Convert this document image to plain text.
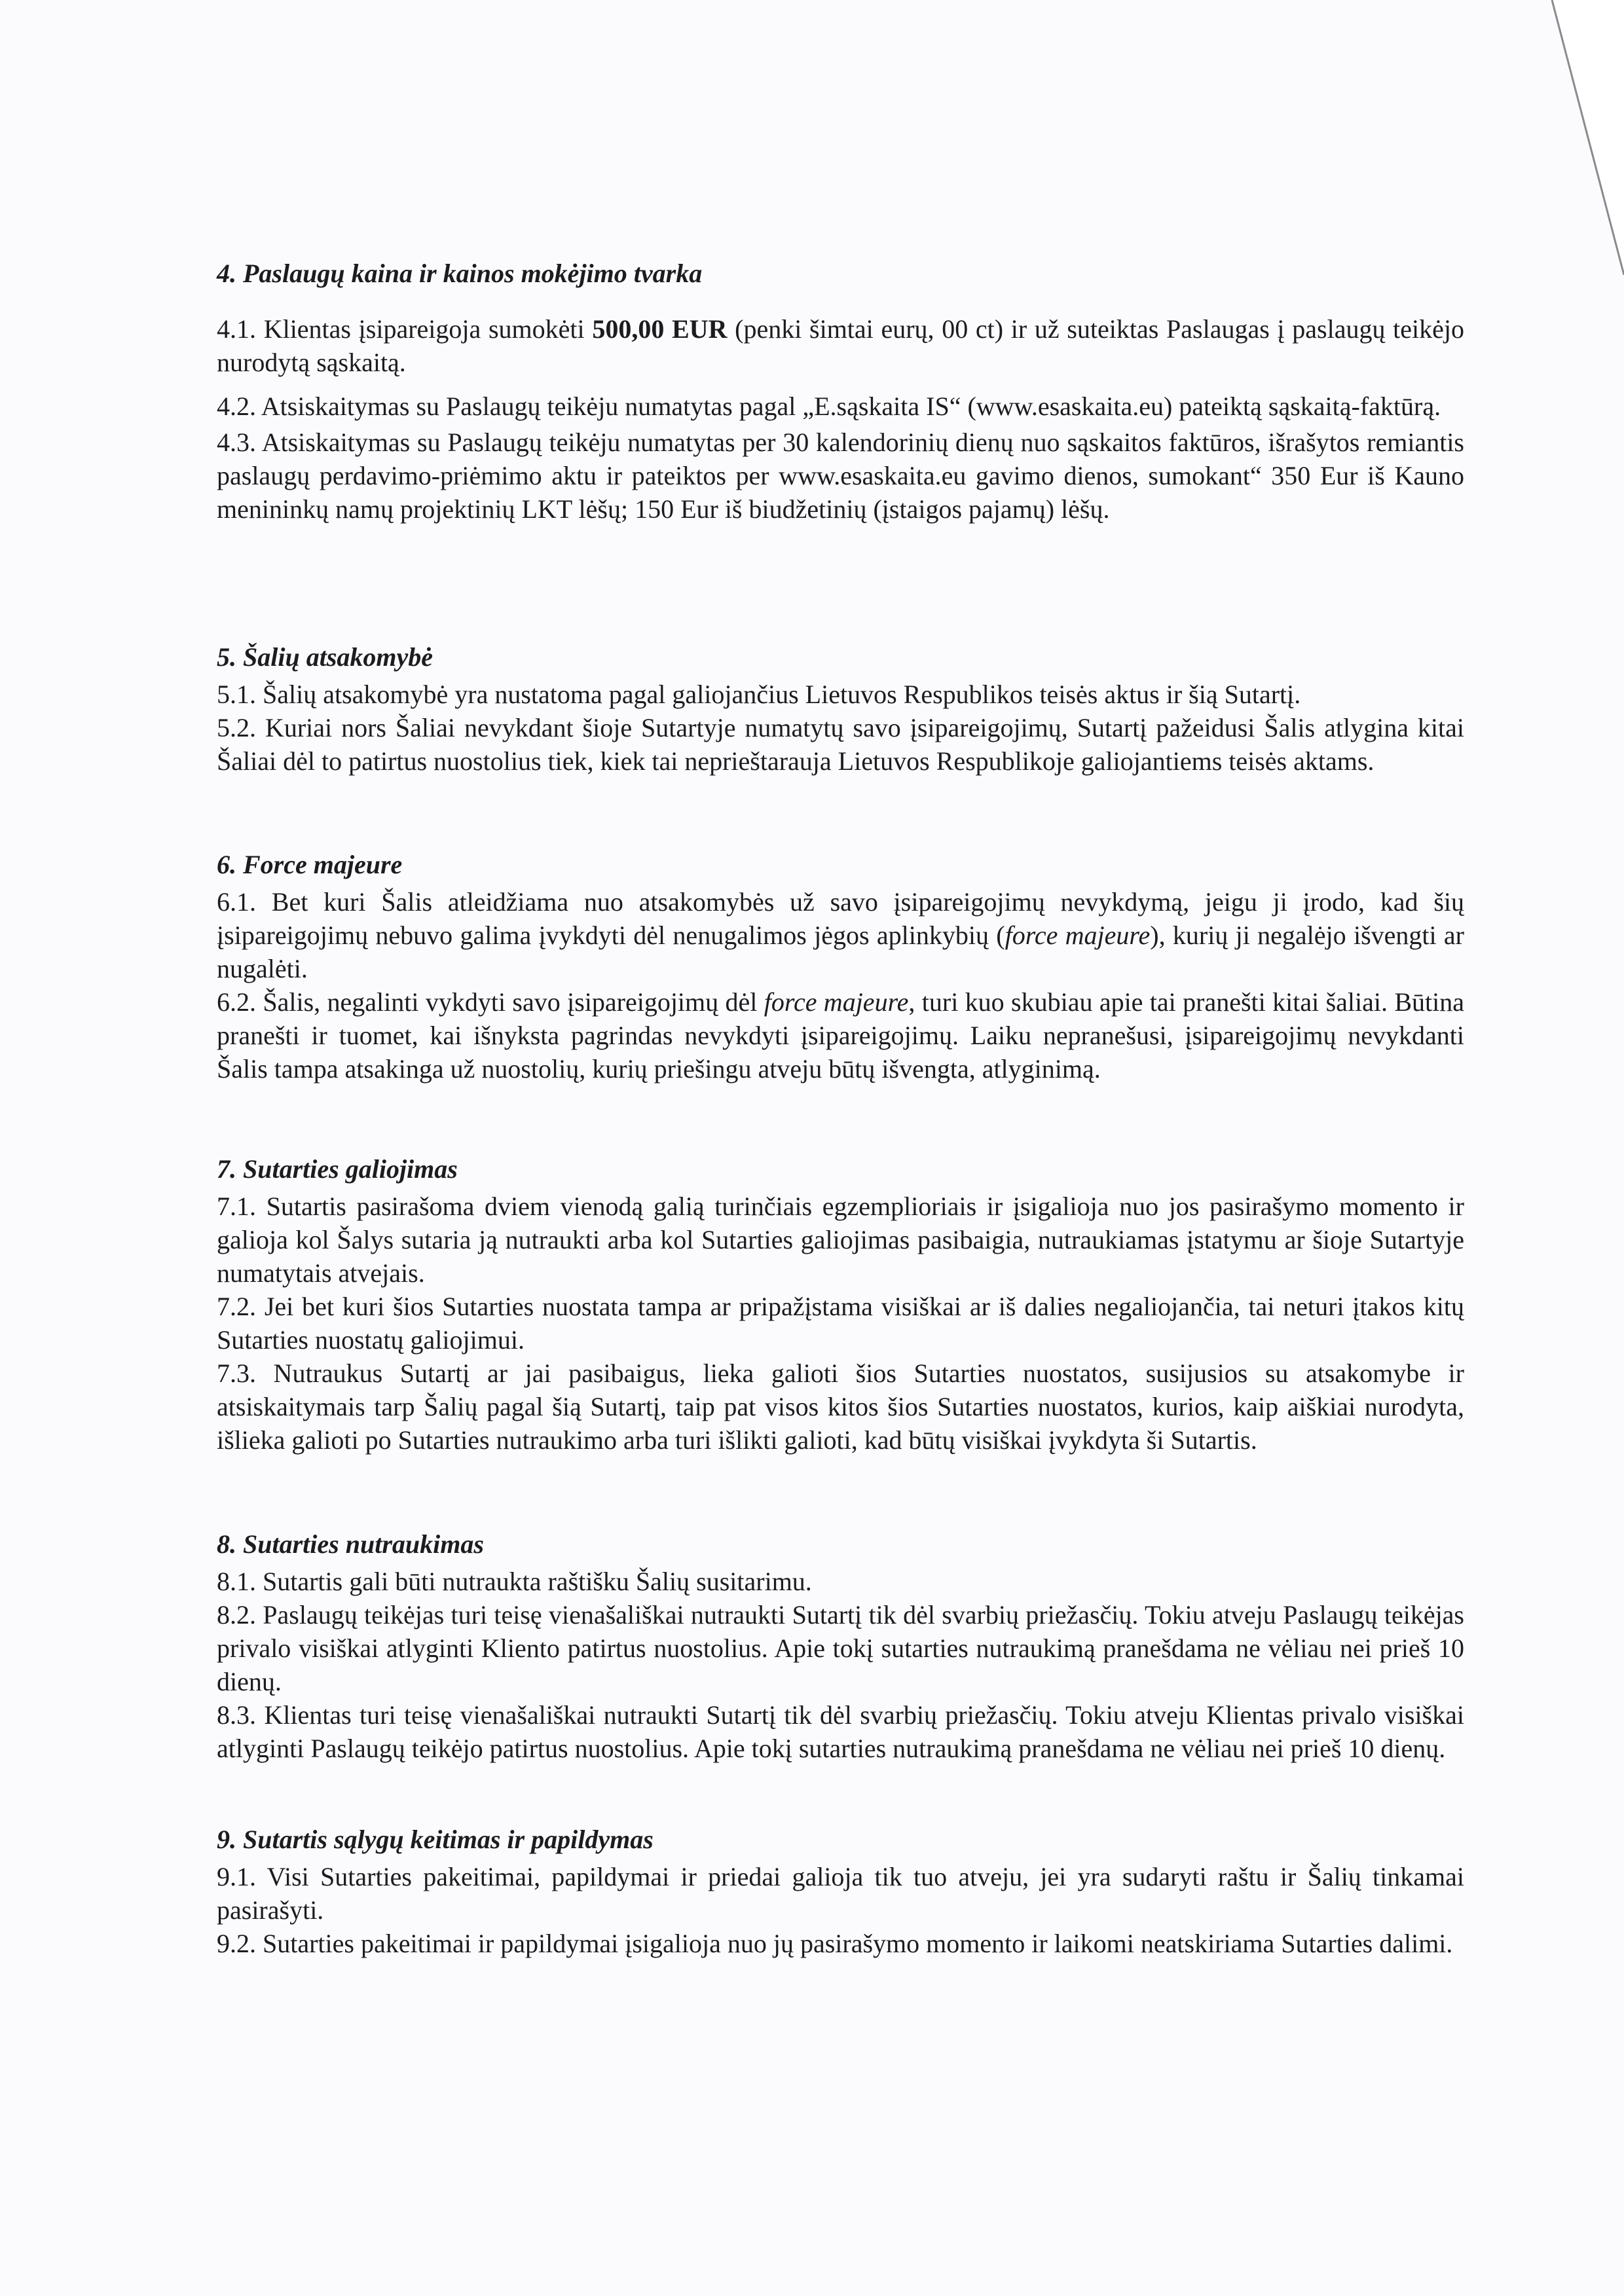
4. Paslaugų kaina ir kainos mokėjimo tvarka

4.1. Klientas įsipareigoja sumokėti 500,00 EUR (penki šimtai eurų, 00 ct) ir už suteiktas Paslaugas į paslaugų teikėjo nurodytą sąskaitą.

4.2. Atsiskaitymas su Paslaugų teikėju numatytas pagal „E.sąskaita IS“ (www.esaskaita.eu) pateiktą sąskaitą-faktūrą.

4.3. Atsiskaitymas su Paslaugų teikėju numatytas per 30 kalendorinių dienų nuo sąskaitos faktūros, išrašytos remiantis paslaugų perdavimo-priėmimo aktu ir pateiktos per www.esaskaita.eu gavimo dienos, sumokant“ 350 Eur iš Kauno menininkų namų projektinių LKT lėšų; 150 Eur iš biudžetinių (įstaigos pajamų) lėšų.

5. Šalių atsakomybė

5.1. Šalių atsakomybė yra nustatoma pagal galiojančius Lietuvos Respublikos teisės aktus ir šią Sutartį.

5.2. Kuriai nors Šaliai nevykdant šioje Sutartyje numatytų savo įsipareigojimų, Sutartį pažeidusi Šalis atlygina kitai Šaliai dėl to patirtus nuostolius tiek, kiek tai neprieštarauja Lietuvos Respublikoje galiojantiems teisės aktams.

6. Force majeure

6.1. Bet kuri Šalis atleidžiama nuo atsakomybės už savo įsipareigojimų nevykdymą, jeigu ji įrodo, kad šių įsipareigojimų nebuvo galima įvykdyti dėl nenugalimos jėgos aplinkybių (force majeure), kurių ji negalėjo išvengti ar nugalėti.

6.2. Šalis, negalinti vykdyti savo įsipareigojimų dėl force majeure, turi kuo skubiau apie tai pranešti kitai šaliai. Būtina pranešti ir tuomet, kai išnyksta pagrindas nevykdyti įsipareigojimų. Laiku nepranešusi, įsipareigojimų nevykdanti Šalis tampa atsakinga už nuostolių, kurių priešingu atveju būtų išvengta, atlyginimą.

7. Sutarties galiojimas

7.1. Sutartis pasirašoma dviem vienodą galią turinčiais egzemplioriais ir įsigalioja nuo jos pasirašymo momento ir galioja kol Šalys sutaria ją nutraukti arba kol Sutarties galiojimas pasibaigia, nutraukiamas įstatymu ar šioje Sutartyje numatytais atvejais.

7.2. Jei bet kuri šios Sutarties nuostata tampa ar pripažįstama visiškai ar iš dalies negaliojančia, tai neturi įtakos kitų Sutarties nuostatų galiojimui.

7.3. Nutraukus Sutartį ar jai pasibaigus, lieka galioti šios Sutarties nuostatos, susijusios su atsakomybe ir atsiskaitymais tarp Šalių pagal šią Sutartį, taip pat visos kitos šios Sutarties nuostatos, kurios, kaip aiškiai nurodyta, išlieka galioti po Sutarties nutraukimo arba turi išlikti galioti, kad būtų visiškai įvykdyta ši Sutartis.

8. Sutarties nutraukimas

8.1. Sutartis gali būti nutraukta raštišku Šalių susitarimu.

8.2. Paslaugų teikėjas turi teisę vienašališkai nutraukti Sutartį tik dėl svarbių priežasčių. Tokiu atveju Paslaugų teikėjas privalo visiškai atlyginti Kliento patirtus nuostolius. Apie tokį sutarties nutraukimą pranešdama ne vėliau nei prieš 10 dienų.

8.3. Klientas turi teisę vienašališkai nutraukti Sutartį tik dėl svarbių priežasčių. Tokiu atveju Klientas privalo visiškai atlyginti Paslaugų teikėjo patirtus nuostolius. Apie tokį sutarties nutraukimą pranešdama ne vėliau nei prieš 10 dienų.

9. Sutartis sąlygų keitimas ir papildymas

9.1. Visi Sutarties pakeitimai, papildymai ir priedai galioja tik tuo atveju, jei yra sudaryti raštu ir Šalių tinkamai pasirašyti.

9.2. Sutarties pakeitimai ir papildymai įsigalioja nuo jų pasirašymo momento ir laikomi neatskiriama Sutarties dalimi.
